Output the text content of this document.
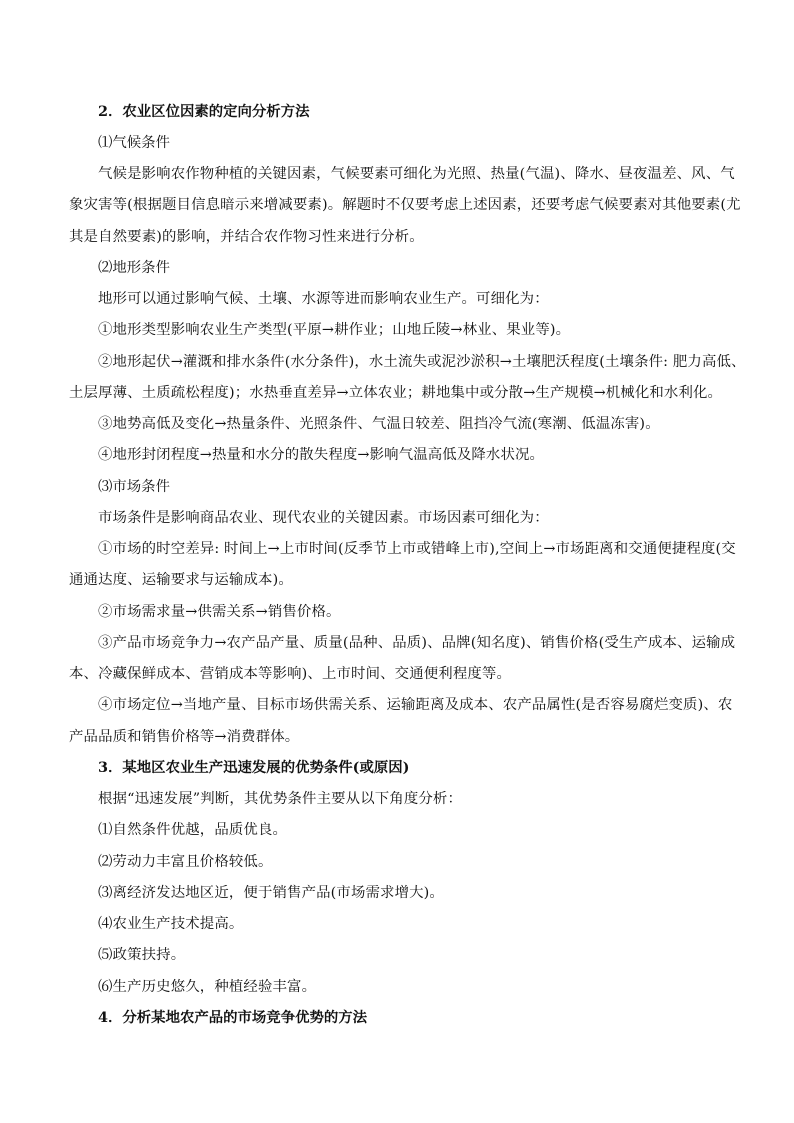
2．农业区位因素的定向分析方法
⑴气候条件
气候是影响农作物种植的关键因素，气候要素可细化为光照、热量(气温)、降水、昼夜温差、风、气
象灾害等(根据题目信息暗示来增减要素)。解题时不仅要考虑上述因素，还要考虑气候要素对其他要素(尤
其是自然要素)的影响，并结合农作物习性来进行分析。
⑵地形条件
地形可以通过影响气候、土壤、水源等进而影响农业生产。可细化为：
①地形类型影响农业生产类型(平原→耕作业；山地丘陵→林业、果业等)。
②地形起伏→灌溉和排水条件(水分条件)，水土流失或泥沙淤积→土壤肥沃程度(土壤条件: 肥力高低、
土层厚薄、土质疏松程度)；水热垂直差异→立体农业；耕地集中或分散→生产规模→机械化和水利化。
③地势高低及变化→热量条件、光照条件、气温日较差、阻挡冷气流(寒潮、低温冻害)。
④地形封闭程度→热量和水分的散失程度→影响气温高低及降水状况。
⑶市场条件
市场条件是影响商品农业、现代农业的关键因素。市场因素可细化为：
①市场的时空差异: 时间上→上市时间(反季节上市或错峰上市),空间上→市场距离和交通便捷程度(交
通通达度、运输要求与运输成本)。
②市场需求量→供需关系→销售价格。
③产品市场竞争力→农产品产量、质量(品种、品质)、品牌(知名度)、销售价格(受生产成本、运输成
本、冷藏保鲜成本、营销成本等影响)、上市时间、交通便利程度等。
④市场定位→当地产量、目标市场供需关系、运输距离及成本、农产品属性(是否容易腐烂变质)、农
产品品质和销售价格等→消费群体。
3．某地区农业生产迅速发展的优势条件(或原因)
根据“迅速发展”判断，其优势条件主要从以下角度分析：
⑴自然条件优越，品质优良。
⑵劳动力丰富且价格较低。
⑶离经济发达地区近，便于销售产品(市场需求增大)。
⑷农业生产技术提高。
⑸政策扶持。
⑹生产历史悠久，种植经验丰富。
4．分析某地农产品的市场竞争优势的方法
